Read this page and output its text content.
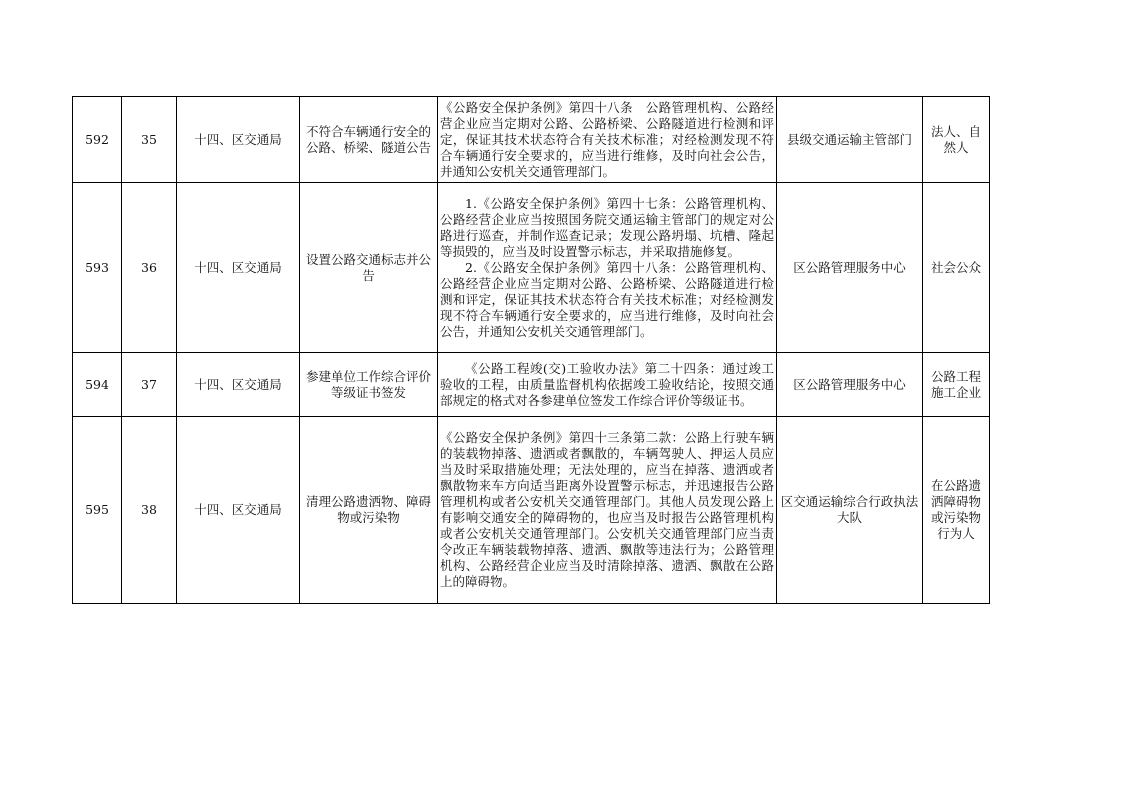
592	35	十四、区交通局	不符合车辆通行安全的公路、桥梁、隧道公告	《公路安全保护条例》第四十八条　公路管理机构、公路经营企业应当定期对公路、公路桥梁、公路隧道进行检测和评定，保证其技术状态符合有关技术标准；对经检测发现不符合车辆通行安全要求的，应当进行维修，及时向社会公告，并通知公安机关交通管理部门。	县级交通运输主管部门	法人、自然人
593	36	十四、区交通局	设置公路交通标志并公告	1.《公路安全保护条例》第四十七条：公路管理机构、公路经营企业应当按照国务院交通运输主管部门的规定对公路进行巡查，并制作巡查记录；发现公路坍塌、坑槽、隆起等损毁的，应当及时设置警示标志，并采取措施修复。

2.《公路安全保护条例》第四十八条：公路管理机构、公路经营企业应当定期对公路、公路桥梁、公路隧道进行检测和评定，保证其技术状态符合有关技术标准；对经检测发现不符合车辆通行安全要求的，应当进行维修，及时向社会公告，并通知公安机关交通管理部门。	区公路管理服务中心	社会公众
594	37	十四、区交通局	参建单位工作综合评价等级证书签发	《公路工程竣(交)工验收办法》第二十四条：通过竣工验收的工程，由质量监督机构依据竣工验收结论，按照交通部规定的格式对各参建单位签发工作综合评价等级证书。	区公路管理服务中心	公路工程施工企业
595	38	十四、区交通局	清理公路遗洒物、障碍物或污染物	《公路安全保护条例》第四十三条第二款：公路上行驶车辆的装载物掉落、遗洒或者飘散的，车辆驾驶人、押运人员应当及时采取措施处理；无法处理的，应当在掉落、遗洒或者飘散物来车方向适当距离外设置警示标志，并迅速报告公路管理机构或者公安机关交通管理部门。其他人员发现公路上有影响交通安全的障碍物的，也应当及时报告公路管理机构或者公安机关交通管理部门。公安机关交通管理部门应当责令改正车辆装载物掉落、遗洒、飘散等违法行为；公路管理机构、公路经营企业应当及时清除掉落、遗洒、飘散在公路上的障碍物。	区交通运输综合行政执法大队	在公路遗洒障碍物或污染物行为人
